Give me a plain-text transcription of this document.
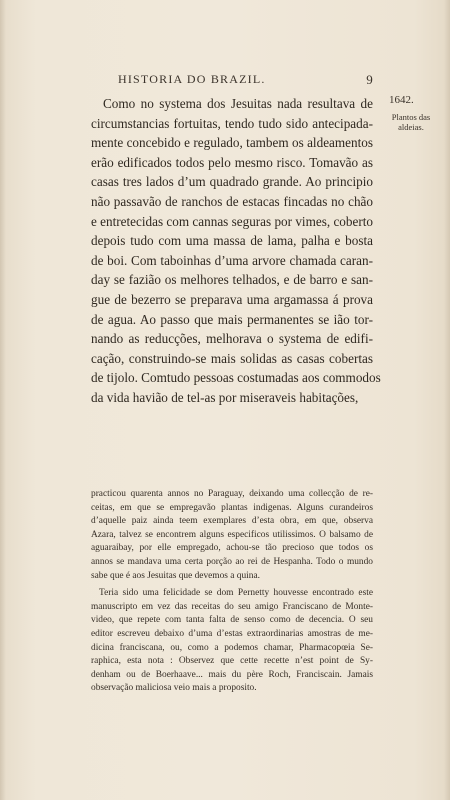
HISTORIA DO BRAZIL.	9
1642.
Plantos das
aldeias.
Como no systema dos Jesuitas nada resultava de
circumstancias fortuitas, tendo tudo sido antecipada-
mente concebido e regulado, tambem os aldeamentos
erão edificados todos pelo mesmo risco. Tomavão as
casas tres lados d’um quadrado grande. Ao principio
não passavão de ranchos de estacas fincadas no chão
e entretecidas com cannas seguras por vimes, coberto
depois tudo com uma massa de lama, palha e bosta
de boi. Com taboinhas d’uma arvore chamada caran-
day se fazião os melhores telhados, e de barro e san-
gue de bezerro se preparava uma argamassa á prova
de agua. Ao passo que mais permanentes se ião tor-
nando as reducções, melhorava o systema de edifi-
cação, construindo-se mais solidas as casas cobertas
de tijolo. Comtudo pessoas costumadas aos commodos
da vida havião de tel-as por miseraveis habitações,
practicou quarenta annos no Paraguay, deixando uma collecção de re-
ceitas, em que se empregavão plantas indigenas. Alguns curandeiros
d’aquelle paiz ainda teem exemplares d’esta obra, em que, observa
Azara, talvez se encontrem alguns especificos utilissimos. O balsamo de
aguaraibay, por elle empregado, achou-se tão precioso que todos os
annos se mandava uma certa porção ao rei de Hespanha. Todo o mundo
sabe que é aos Jesuitas que devemos a quina.
Teria sido uma felicidade se dom Pernetty houvesse encontrado este
manuscripto em vez das receitas do seu amigo Franciscano de Monte-
video, que repete com tanta falta de senso como de decencia. O seu
editor escreveu debaixo d’uma d’estas extraordinarias amostras de me-
dicina franciscana, ou, como a podemos chamar, Pharmacopœia Se-
raphica, esta nota : Observez que cette recette n’est point de Sy-
denham ou de Boerhaave... mais du père Roch, Franciscain. Jamais
observação maliciosa veio mais a proposito.
